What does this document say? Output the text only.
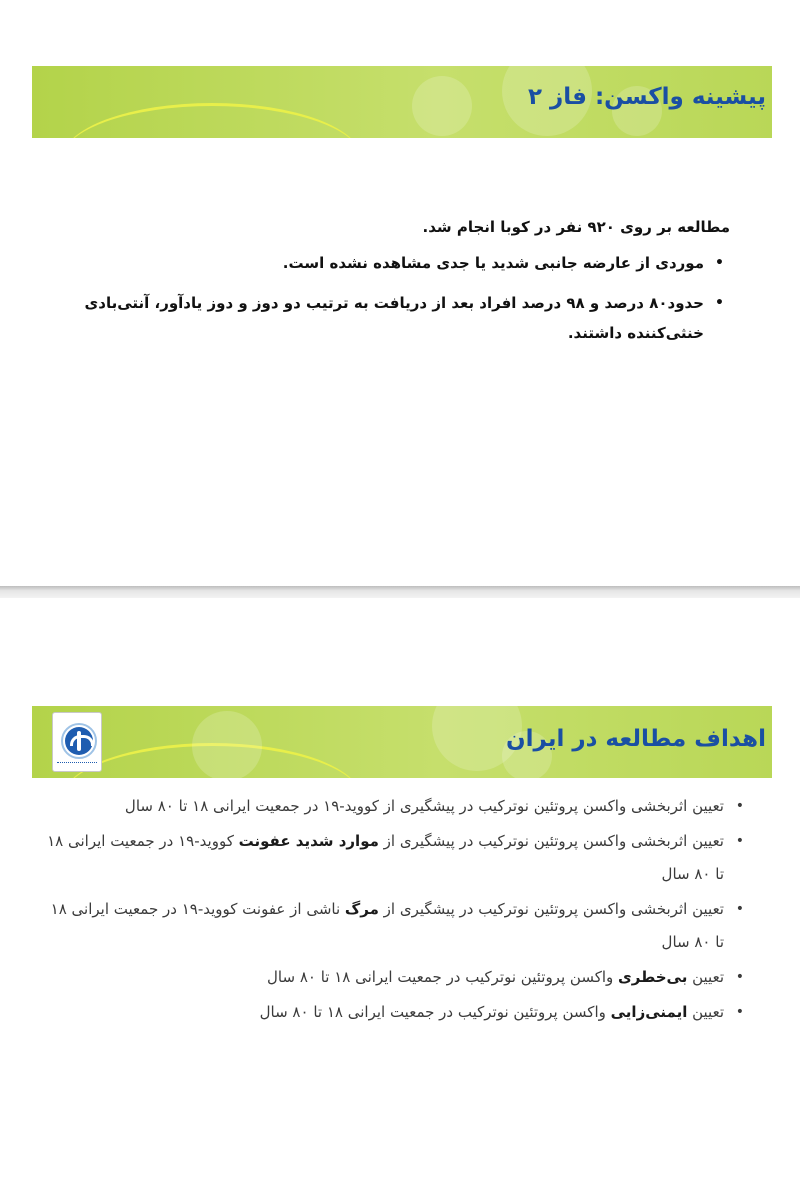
پیشینه واکسن: فاز ۲

مطالعه بر روی ۹۲۰ نفر در کوبا انجام شد.

•
موردی از عارضه جانبی شدید یا جدی مشاهده نشده است.
•
حدود۸۰ درصد و ۹۸ درصد افراد بعد از دریافت به ترتیب دو دوز و دوز یادآور، آنتی‌بادی خنثی‌کننده داشتند.
اهداف مطالعه در ایران
•
تعیین اثربخشی واکسن پروتئین نوترکیب در پیشگیری از کووید-۱۹ در جمعیت ایرانی ۱۸ تا ۸۰ سال
•
تعیین اثربخشی واکسن پروتئین نوترکیب در پیشگیری از موارد شدید عفونت کووید-۱۹ در جمعیت ایرانی ۱۸ تا ۸۰ سال
•
تعیین اثربخشی واکسن پروتئین نوترکیب در پیشگیری از مرگ ناشی از عفونت کووید-۱۹ در جمعیت ایرانی ۱۸ تا ۸۰ سال
•
تعیین بی‌خطری واکسن پروتئین نوترکیب در جمعیت ایرانی ۱۸ تا ۸۰ سال
•
تعیین ایمنی‌زایی واکسن پروتئین نوترکیب در جمعیت ایرانی ۱۸ تا ۸۰ سال
